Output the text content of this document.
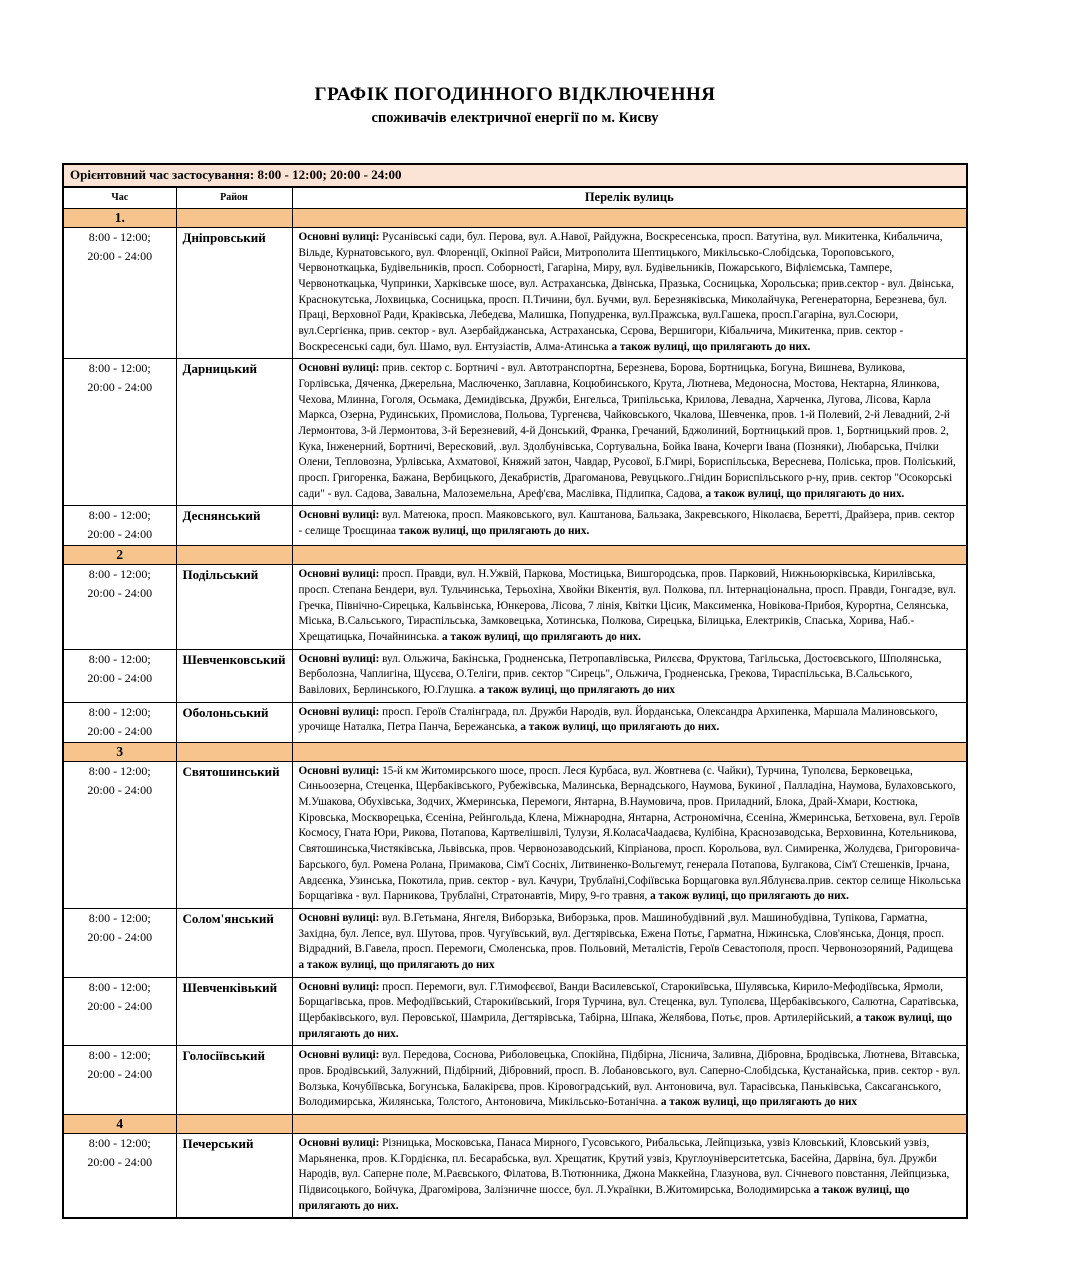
ГРАФІК ПОГОДИННОГО ВІДКЛЮЧЕННЯ
споживачів електричної енергії по м. Кисву
Орієнтовний час застосування: 8:00 - 12:00; 20:00 - 24:00		
Час	Район	Перелік вулиць
1.		

8:00 - 12:00;
20:00 - 24:00	Дніпровський	Основні вулиці: Русанівські сади, бул. Перова, вул. А.Навої, Райдужна, Воскресенська, просп. Ватутіна, вул. Микитенка, Кибальчича, Вільде, Курнатовського, вул. Флоренції, Окіпної Райси, Митрополита Шептицького, Микільсько-Слобідська, Тороповського, Червоноткацька, Будівельників, просп. Соборності, Гагаріна, Миру, вул. Будівельників, Пожарського, Віфліємська, Тампере, Червоноткацька, Чупринки, Харківське шосе, вул. Астраханська, Двінська, Празька, Сосницька, Хорольська; прив.сектор - вул. Двінська, Краснокутська, Лохвицька, Сосницька, просп. П.Тичини, бул. Бучми, вул. Березняківська, Миколайчука, Регенераторна, Березнева, бул. Праці, Верховної Ради, Краківська, Лебедєва, Малишка, Попудренка, вул.Пражська, вул.Гашека, просп.Гагаріна, вул.Сосюри, вул.Сергієнка, прив. сектор - вул. Азербайджанська, Астраханська, Сєрова, Вершигори, Кібальчича, Микитенка, прив. сектор - Воскресенські сади, бул. Шамо, вул. Ентузіастів, Алма-Атинська а також вулиці, що прилягають до них.

8:00 - 12:00;
20:00 - 24:00	Дарницький	Основні вулиці: прив. сектор с. Бортничі - вул. Автотранспортна, Березнева, Борова, Бортницька, Богуна, Вишнева, Вуликова, Горлівська, Дяченка, Джерельна, Маслюченко, Заплавна, Коцюбинського, Крута, Лютнева, Медоносна, Мостова, Нектарна, Ялинкова, Чехова, Млинна, Гоголя, Осьмака, Демидівська, Дружби, Енгельса, Трипільська, Крилова, Левадна, Харченка, Лугова, Лісова, Карла Маркса, Озерна, Рудинських, Промислова, Польова, Тургенєва, Чайковського, Чкалова, Шевченка, пров. 1-й Полевий, 2-й Левадний, 2-й Лермонтова, 3-й Лермонтова, 3-й Березневий, 4-й Донський, Франка, Гречаний, Бджолиний, Бортницький пров. 1, Бортницький пров. 2, Кука, Інженерний, Бортничі, Вересковий, .вул. Здолбунівська, Сортувальна, Бойка Івана, Кочерги Івана (Позняки), Любарська, Пчілки Олени, Тепловозна, Урлівська, Ахматової, Княжий затон, Чавдар, Русової, Б.Гмирі, Бориспільська, Вереснева, Поліська, пров. Поліський, просп. Григоренка, Бажана, Вербицького, Декабристів, Драгоманова, Ревуцького..Гнідин Бориспільського р-ну, прив. сектор "Осокорські сади" - вул. Садова, Завальна, Малоземельна, Ареф'єва, Маслівка, Підлипка, Садова, а також вулиці, що прилягають до них.

8:00 - 12:00;
20:00 - 24:00	Деснянський	Основні вулиці: вул. Матеюка, просп. Маяковського, вул. Каштанова, Бальзака, Закревського, Ніколаєва, Беретті, Драйзера, прив. сектор - селище Троєщинаа також вулиці, що прилягають до них.
2		

8:00 - 12:00;
20:00 - 24:00	Подільський	Основні вулиці: просп. Правди, вул. Н.Ужвій, Паркова, Мостицька, Вишгородська, пров. Парковий, Нижньоюрківська, Кирилівська, просп. Степана Бендери, вул. Тульчинська, Терьохіна, Хвойки Вікентія, вул. Полкова, пл. Інтернаціональна, просп. Правди, Гонгадзе, вул. Гречка, Північно-Сирецька, Кальвінська, Юнкерова, Лісова, 7 лінія, Квітки Цісик, Максименка, Новікова-Прибоя, Курортна, Селянська, Міська, В.Сальського, Тираспільська, Замковецька, Хотинська, Полкова, Сирецька, Білицька, Електриків, Спаська, Хорива, Наб.-Хрещатицька, Почайнинська. а також вулиці, що прилягають до них.

8:00 - 12:00;
20:00 - 24:00	Шевченковський	Основні вулиці: вул. Ольжича, Бакінська, Гродненська, Петропавлівська, Рилєєва, Фруктова, Тагільська, Достоєвського, Шполянська, Верболозна, Чаплигіна, Щусєва, О.Теліги, прив. сектор "Сирець", Ольжича, Гродненська, Грекова, Тираспільська, В.Сальського, Вавілових, Берлинського, Ю.Глушка. а також вулиці, що прилягають до них

8:00 - 12:00;
20:00 - 24:00	Оболоньський	Основні вулиці: просп. Героїв Сталінграда, пл. Дружби Народів, вул. Йорданська, Олександра Архипенка, Маршала Малиновського, урочище Наталка, Петра Панча, Бережанська, а також вулиці, що прилягають до них.
3		

8:00 - 12:00;
20:00 - 24:00	Святошинський	Основні вулиці: 15-й км Житомирського шосе, просп. Леся Курбаса, вул. Жовтнева (с. Чайки), Турчина, Туполєва, Берковецька, Синьоозерна, Стеценка, Щербаківського, Рубежівська, Малинська, Вернадського, Наумова, Букиної , Палладіна, Наумова, Булаховського, М.Ушакова, Обухівська, Зодчих, Жмеринська, Перемоги, Янтарна, В.Наумовича, пров. Приладний, Блока, Драй-Хмари, Костюка, Кіровська, Москворецька, Єсеніна, Рейнгольда, Клена, Міжнародна, Янтарна, Астрономічна, Єсеніна, Жмеринська, Бетховена, вул. Героїв Космосу, Гната Юри, Рикова, Потапова, Картвелішвілі, Тулузи, Я.КоласаЧаадаєва, Кулібіна, Краснозаводська, Верховинна, Котельникова, Святошинська,Чистяківська, Львівська, пров. Червонозаводський, Кіпріанова, просп. Корольова, вул. Симиренка, Жолудєва, Григоровича-Барського, бул. Ромена Ролана, Примакова, Сім'ї Сосніх, Литвиненко-Вольгемут, генерала Потапова, Булгакова, Сім'ї Стешенків, Ірчана, Авдєєнка, Узинська, Покотила, прив. сектор - вул. Качури, Трублаїні,Софіївська Борщаговка вул.Яблунєва.прив. сектор селище Нікольська Борщагівка - вул. Парникова, Трублаїні, Стратонавтів, Миру, 9-го травня, а також вулиці, що прилягають до них.

8:00 - 12:00;
20:00 - 24:00	Солом'янський	Основні вулиці: вул. В.Гетьмана, Янгеля, Виборзька, Виборзька, пров. Машинобудівний ,вул. Машинобудівна, Тупікова, Гарматна, Західна, бул. Лепсе, вул. Шутова, пров. Чугуївський, вул. Дегтярівська, Ежена Потьє, Гарматна, Ніжинська, Слов'янська, Донця, просп. Відрадний, В.Гавела, просп. Перемоги, Смоленська, пров. Польовий, Металістів, Героїв Севастополя, просп. Червонозоряний, Радищева а також вулиці, що прилягають до них

8:00 - 12:00;
20:00 - 24:00	Шевченківький	Основні вулиці: просп. Перемоги, вул. Г.Тимофєєвої, Ванди Василевської, Старокиївська, Шулявська, Кирило-Мефодіївська, Ярмоли, Борщагівська, пров. Мефодіївський, Старокиївський, Ігоря Турчина, вул. Стеценка, вул. Туполєва, Щербаківського, Салютна, Саратівська, Щербаківського, вул. Перовської, Шамрила, Дегтярівська, Табірна, Шпака, Желябова, Потьє, пров. Артилерійський, а також вулиці, що прилягають до них.

8:00 - 12:00;
20:00 - 24:00	Голосіївський	Основні вулиці: вул. Передова, Соснова, Риболовецька, Спокійна, Підбірна, Ліснича, Заливна, Дібровна, Бродівська, Лютнева, Вітавська, пров. Бродівський, Залужний, Підбірний, Дібровний, просп. В. Лобановського, вул. Саперно-Слобідська, Кустанайська, прив. сектор - вул. Волзька, Кочубіївська, Богунська, Балакірєва, пров. Кіровоградський, вул. Антоновича, вул. Тарасівська, Паньківська, Саксаганського, Володимирська, Жилянська, Толстого, Антоновича, Микільсько-Ботанічна. а також вулиці, що прилягають до них
4		

8:00 - 12:00;
20:00 - 24:00	Печерський	Основні вулиці: Різницька, Московська, Панаса Мирного, Гусовського, Рибальська, Лейпцизька, узвіз Кловський, Кловський узвіз, Марьяненка, пров. К.Гордієнка, пл. Бесарабська, вул. Хрещатик, Крутий узвіз, Круглоуніверситетська, Басейна, Дарвіна, бул. Дружби Народів, вул. Саперне поле, М.Раєвського, Філатова, В.Тютюнника, Джона Маккейна, Глазунова, вул. Січневого повстання, Лейпцизька, Підвисоцького, Бойчука, Драгомірова, Залізничне шоссе, бул. Л.Українки, В.Житомирська, Володимирська а також вулиці, що прилягають до них.
